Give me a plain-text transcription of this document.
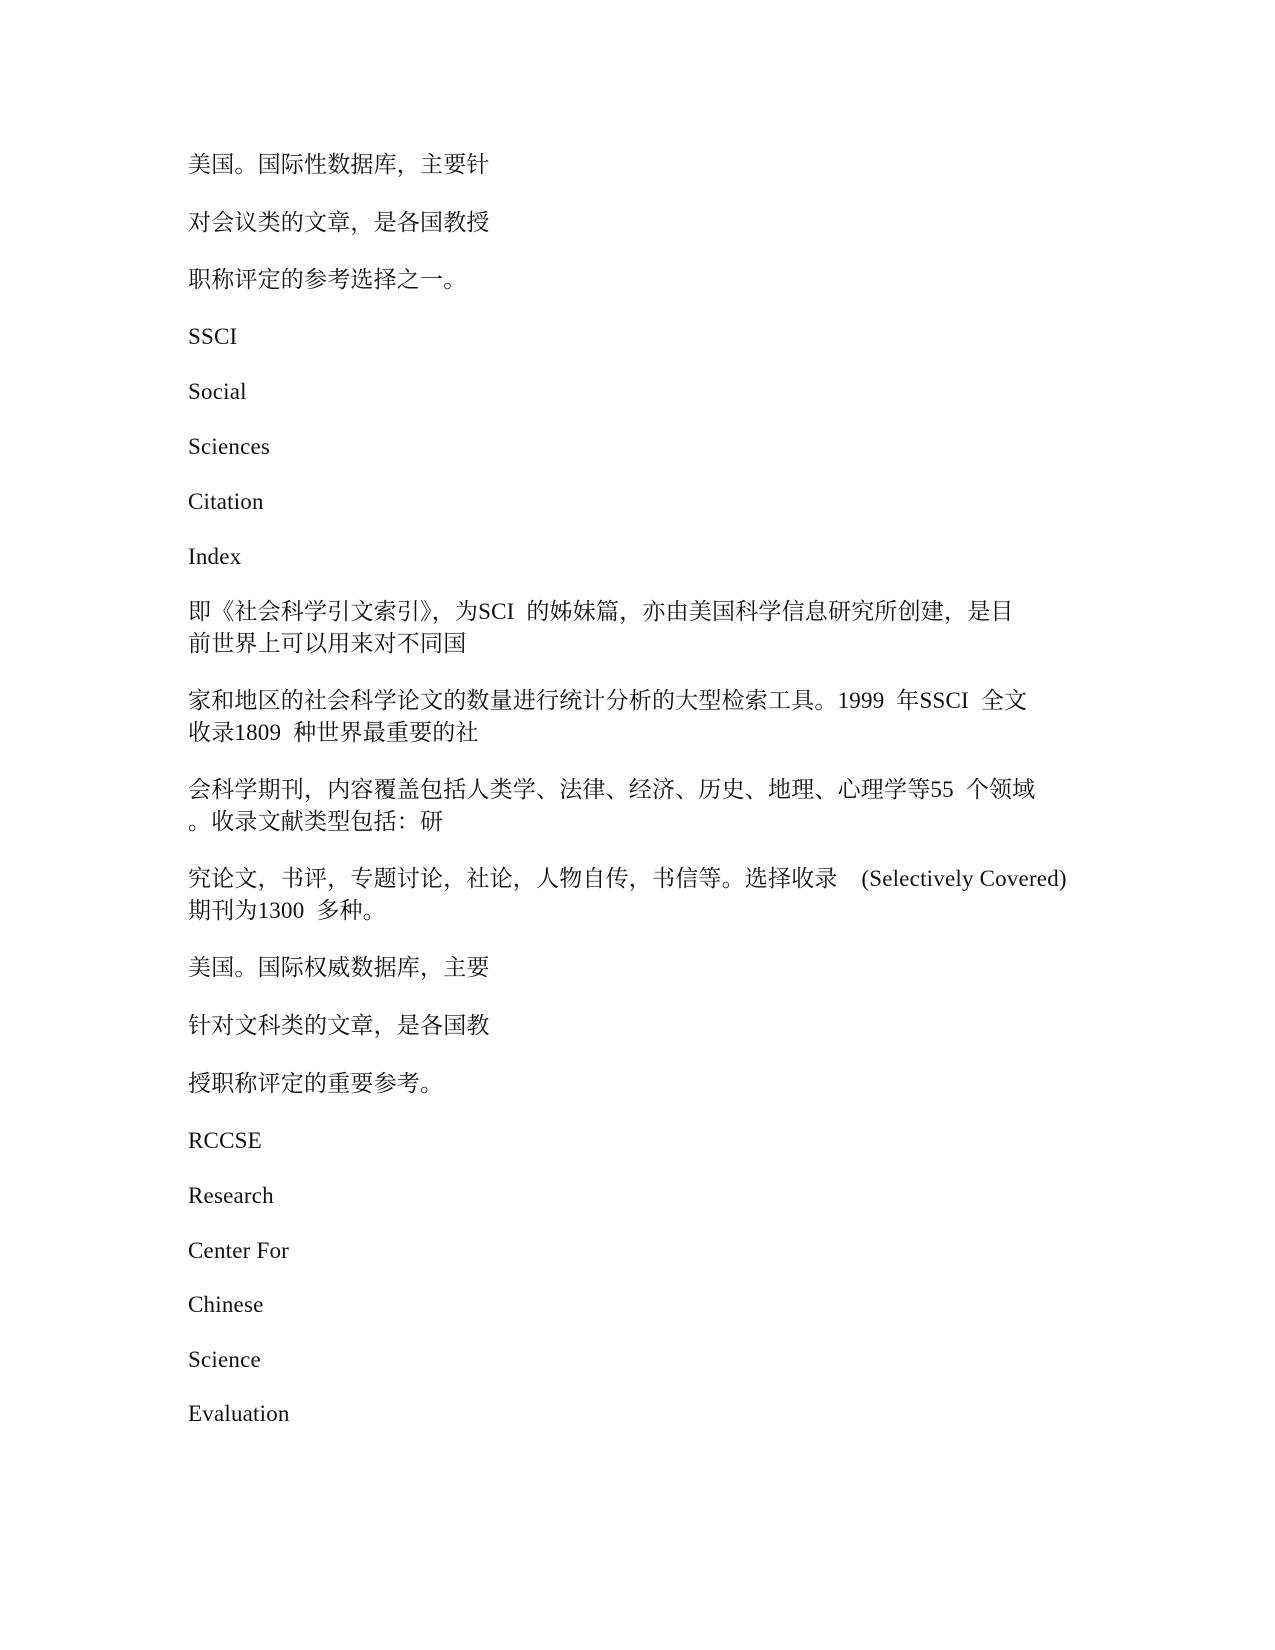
美国。国际性数据库，主要针

对会议类的文章，是各国教授

职称评定的参考选择之一。

SSCI

Social

Sciences

Citation

Index

即《社会科学引文索引》，为SCI  的姊妹篇，亦由美国科学信息研究所创建，是目
前世界上可以用来对不同国

家和地区的社会科学论文的数量进行统计分析的大型检索工具。1999  年SSCI  全文
收录1809  种世界最重要的社

会科学期刊，内容覆盖包括人类学、法律、经济、历史、地理、心理学等55  个领域
。收录文献类型包括：研

究论文，书评，专题讨论，社论，人物自传，书信等。选择收录    (Selectively Covered)
期刊为1300  多种。

美国。国际权威数据库，主要

针对文科类的文章，是各国教

授职称评定的重要参考。

RCCSE

Research

Center For

Chinese

Science

Evaluation
